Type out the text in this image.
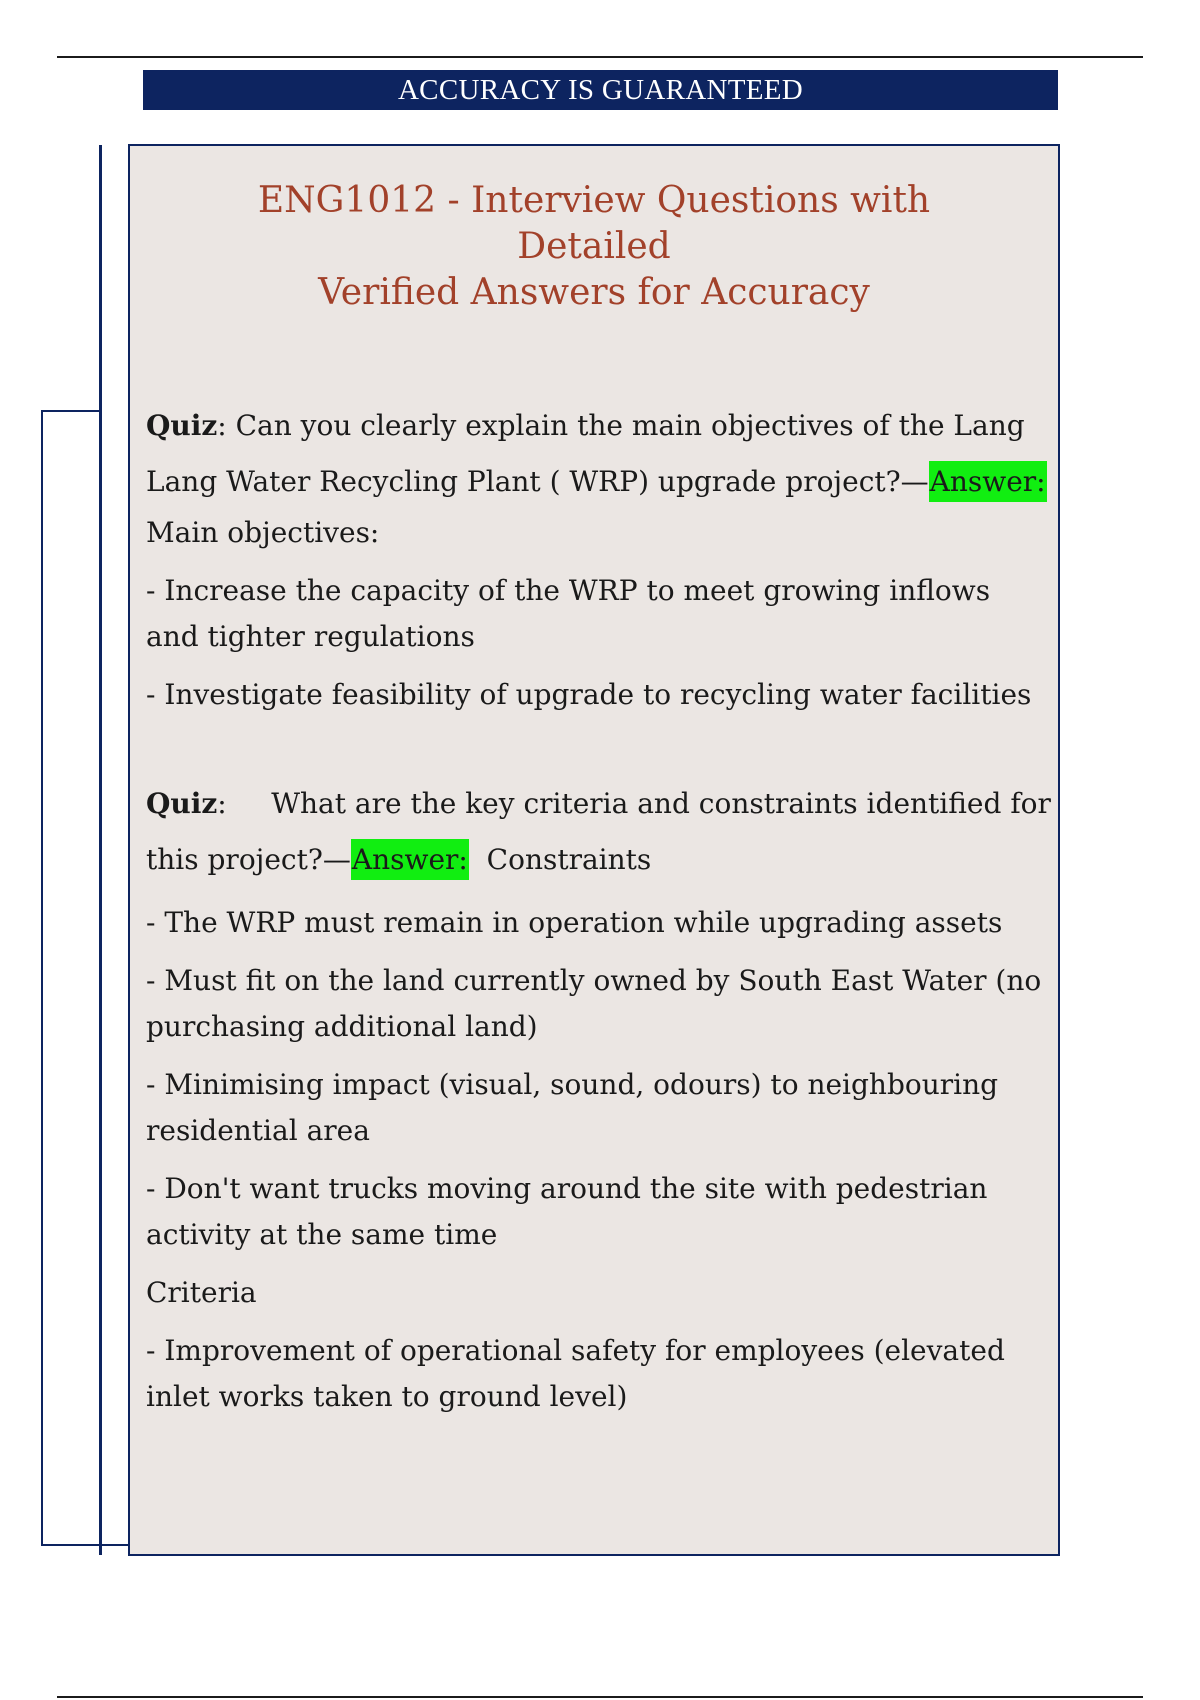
ACCURACY IS GUARANTEED
ENG1012 - Interview Questions with Detailed
Verified Answers for Accuracy
Quiz: Can you clearly explain the main objectives of the Lang
Lang Water Recycling Plant ( WRP) upgrade project?—Answer:

Main objectives:

- Increase the capacity of the WRP to meet growing inflows and tighter regulations

- Investigate feasibility of upgrade to recycling water facilities

Quiz:     What are the key criteria and constraints identified for
this project?—Answer:  Constraints

- The WRP must remain in operation while upgrading assets

- Must fit on the land currently owned by South East Water (no purchasing additional land)

- Minimising impact (visual, sound, odours) to neighbouring residential area

- Don't want trucks moving around the site with pedestrian activity at the same time

Criteria

- Improvement of operational safety for employees (elevated inlet works taken to ground level)
